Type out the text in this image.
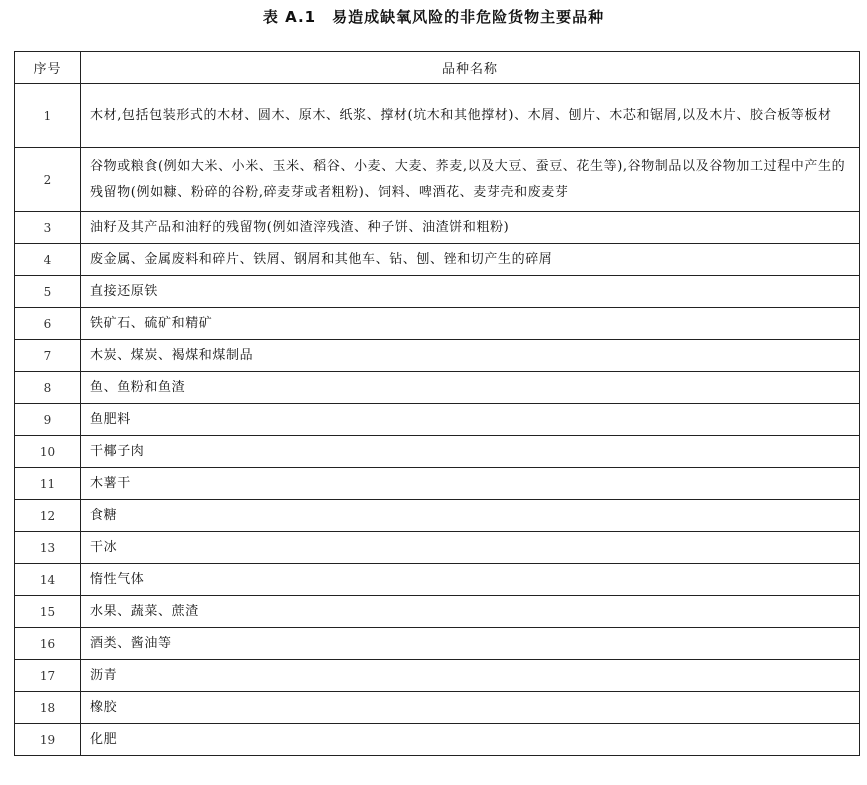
表 A.1 易造成缺氧风险的非危险货物主要品种
序号	品种名称
1	木材,包括包装形式的木材、圆木、原木、纸浆、撑材(坑木和其他撑材)、木屑、刨片、木芯和锯屑,以及木片、胶合板等板材
2	谷物或粮食(例如大米、小米、玉米、稻谷、小麦、大麦、荞麦,以及大豆、蚕豆、花生等),谷物制品以及谷物加工过程中产生的残留物(例如糠、粉碎的谷粉,碎麦芽或者粗粉)、饲料、啤酒花、麦芽壳和废麦芽
3	油籽及其产品和油籽的残留物(例如渣滓残渣、种子饼、油渣饼和粗粉)
4	废金属、金属废料和碎片、铁屑、钢屑和其他车、钻、刨、锉和切产生的碎屑
5	直接还原铁
6	铁矿石、硫矿和精矿
7	木炭、煤炭、褐煤和煤制品
8	鱼、鱼粉和鱼渣
9	鱼肥料
10	干椰子肉
11	木薯干
12	食糖
13	干冰
14	惰性气体
15	水果、蔬菜、蔗渣
16	酒类、酱油等
17	沥青
18	橡胶
19	化肥
